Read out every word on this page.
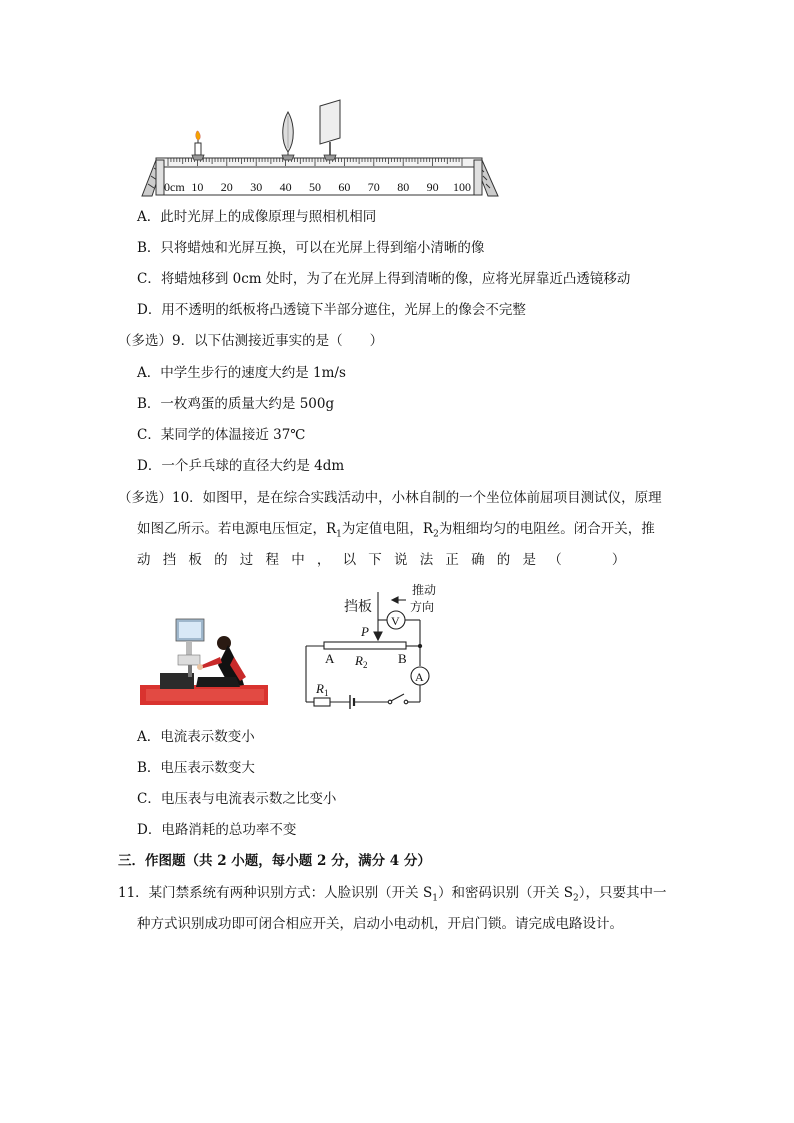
0cm 10 20 30 40 50 60 70 80 90 100
A．此时光屏上的成像原理与照相机相同
B．只将蜡烛和光屏互换，可以在光屏上得到缩小清晰的像
C．将蜡烛移到 0cm 处时，为了在光屏上得到清晰的像，应将光屏靠近凸透镜移动
D．用不透明的纸板将凸透镜下半部分遮住，光屏上的像会不完整
（多选）9．以下估测接近事实的是（　　）
A．中学生步行的速度大约是 1m/s
B．一枚鸡蛋的质量大约是 500g
C．某同学的体温接近 37℃
D．一个乒乓球的直径大约是 4dm
（多选）10．如图甲，是在综合实践活动中，小林自制的一个坐位体前屈项目测试仪，原理
如图乙所示。若电源电压恒定，$R_1$为定值电阻，$R_2$为粗细均匀的电阻丝。闭合开关，推
动挡板的过程中，以下说法正确的是（	）
挡板
推动
方向
P
V
A	B
$R_2$
A
$R_1$
A．电流表示数变小
B．电压表示数变大
C．电压表与电流表示数之比变小
D．电路消耗的总功率不变
三．作图题（共 2 小题，每小题 2 分，满分 4 分）
11．某门禁系统有两种识别方式：人脸识别（开关 $S_1$）和密码识别（开关 $S_2$），只要其中一
种方式识别成功即可闭合相应开关，启动小电动机，开启门锁。请完成电路设计。
